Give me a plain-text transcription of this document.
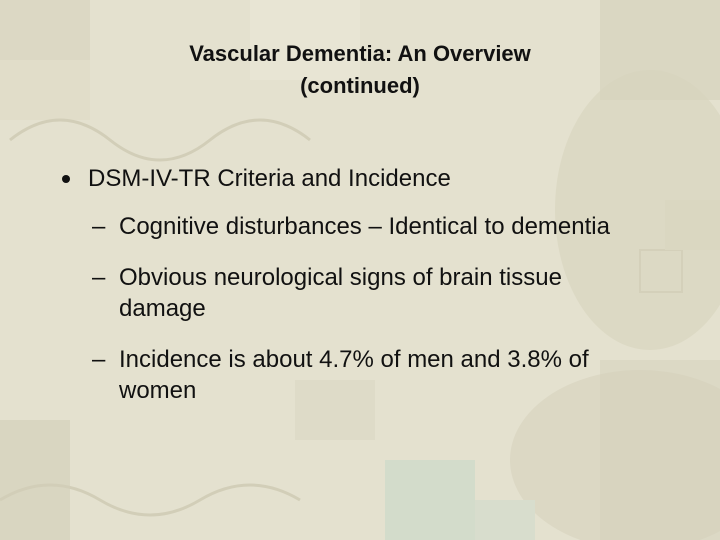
Vascular Dementia: An Overview
(continued)
DSM-IV-TR Criteria and Incidence
– Cognitive disturbances – Identical to dementia
– Obvious neurological signs of brain tissue damage
– Incidence is about 4.7% of men and 3.8% of women
